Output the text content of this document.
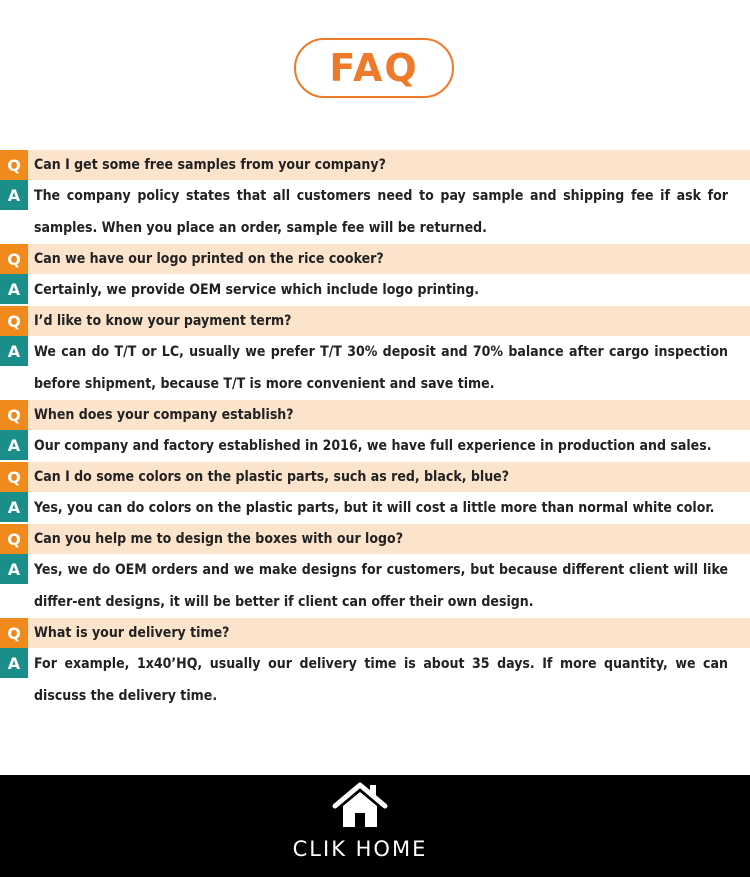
FAQ
Q Can I get some free samples from your company?
A The company policy states that all customers need to pay sample and shipping fee if ask for samples. When you place an order, sample fee will be returned.
Q Can we have our logo printed on the rice cooker?
A Certainly, we provide OEM service which include logo printing.
Q I’d like to know your payment term?
A We can do T/T or LC, usually we prefer T/T 30% deposit and 70% balance after cargo inspection before shipment, because T/T is more convenient and save time.
Q When does your company establish?
A Our company and factory established in 2016, we have full experience in production and sales.
Q Can I do some colors on the plastic parts, such as red, black, blue?
A Yes, you can do colors on the plastic parts, but it will cost a little more than normal white color.
Q Can you help me to design the boxes with our logo?
A Yes, we do OEM orders and we make designs for customers, but because different client will like differ-ent designs, it will be better if client can offer their own design.
Q What is your delivery time?
A For example, 1x40’HQ, usually our delivery time is about 35 days. If more quantity, we can discuss the delivery time.
CLIK HOME
